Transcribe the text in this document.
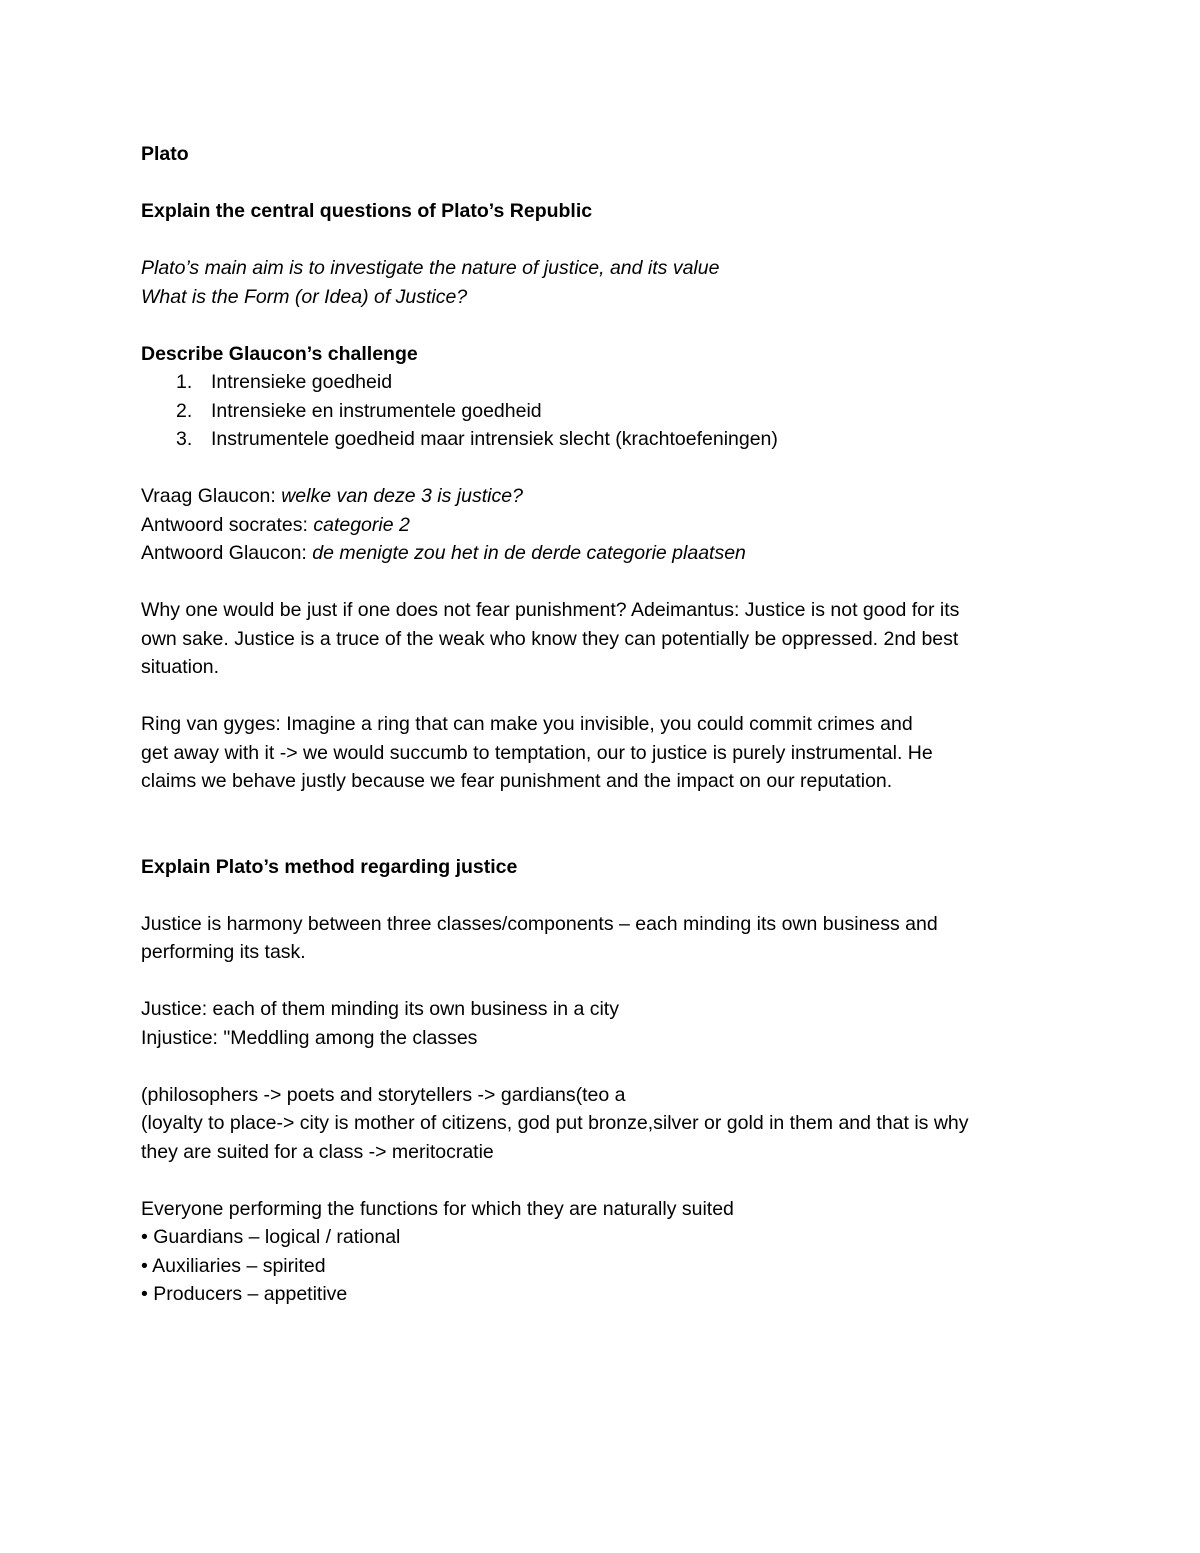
Plato
Explain the central questions of Plato’s Republic
Plato’s main aim is to investigate the nature of justice, and its value
What is the Form (or Idea) of Justice?
Describe Glaucon’s challenge
1. Intrensieke goedheid
2. Intrensieke en instrumentele goedheid
3. Instrumentele goedheid maar intrensiek slecht (krachtoefeningen)
Vraag Glaucon: welke van deze 3 is justice?
Antwoord socrates: categorie 2
Antwoord Glaucon: de menigte zou het in de derde categorie plaatsen
Why one would be just if one does not fear punishment? Adeimantus: Justice is not good for its
own sake. Justice is a truce of the weak who know they can potentially be oppressed. 2nd best
situation.
Ring van gyges: Imagine a ring that can make you invisible, you could commit crimes and
get away with it -> we would succumb to temptation, our to justice is purely instrumental. He
claims we behave justly because we fear punishment and the impact on our reputation.
Explain Plato’s method regarding justice
Justice is harmony between three classes/components – each minding its own business and
performing its task.
Justice: each of them minding its own business in a city
Injustice: "Meddling among the classes
(philosophers -> poets and storytellers -> gardians(teo a
(loyalty to place-> city is mother of citizens, god put bronze,silver or gold in them and that is why
they are suited for a class -> meritocratie
Everyone performing the functions for which they are naturally suited
• Guardians – logical / rational
• Auxiliaries – spirited
• Producers – appetitive
